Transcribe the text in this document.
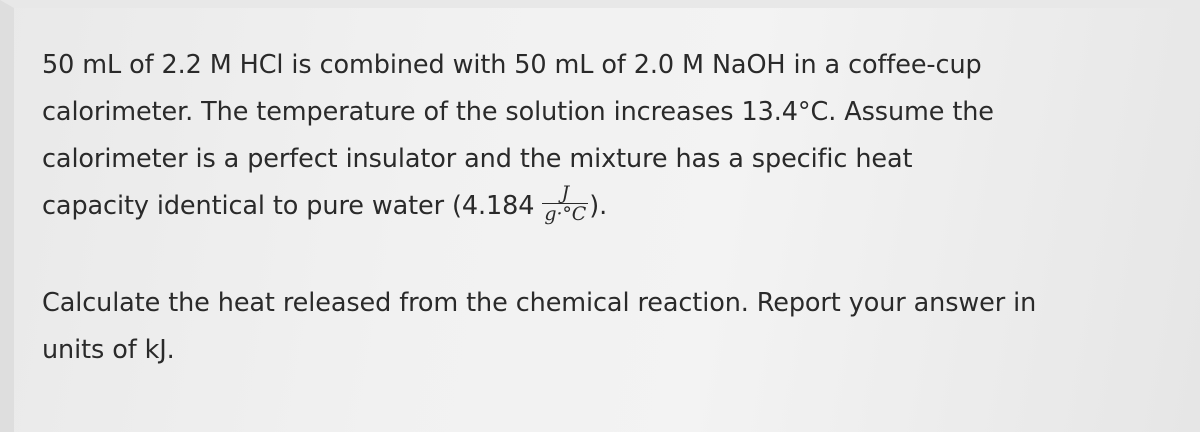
50 mL of 2.2 M HCl is combined with 50 mL of 2.0 M NaOH in a coffee-cup
calorimeter. The temperature of the solution increases 13.4°C. Assume the
calorimeter is a perfect insulator and the mixture has a specific heat
capacity identical to pure water ($4.184 \frac{J}{g\cdot^\circ C}$ ).
Calculate the heat released from the chemical reaction. Report your answer in
units of kJ.
